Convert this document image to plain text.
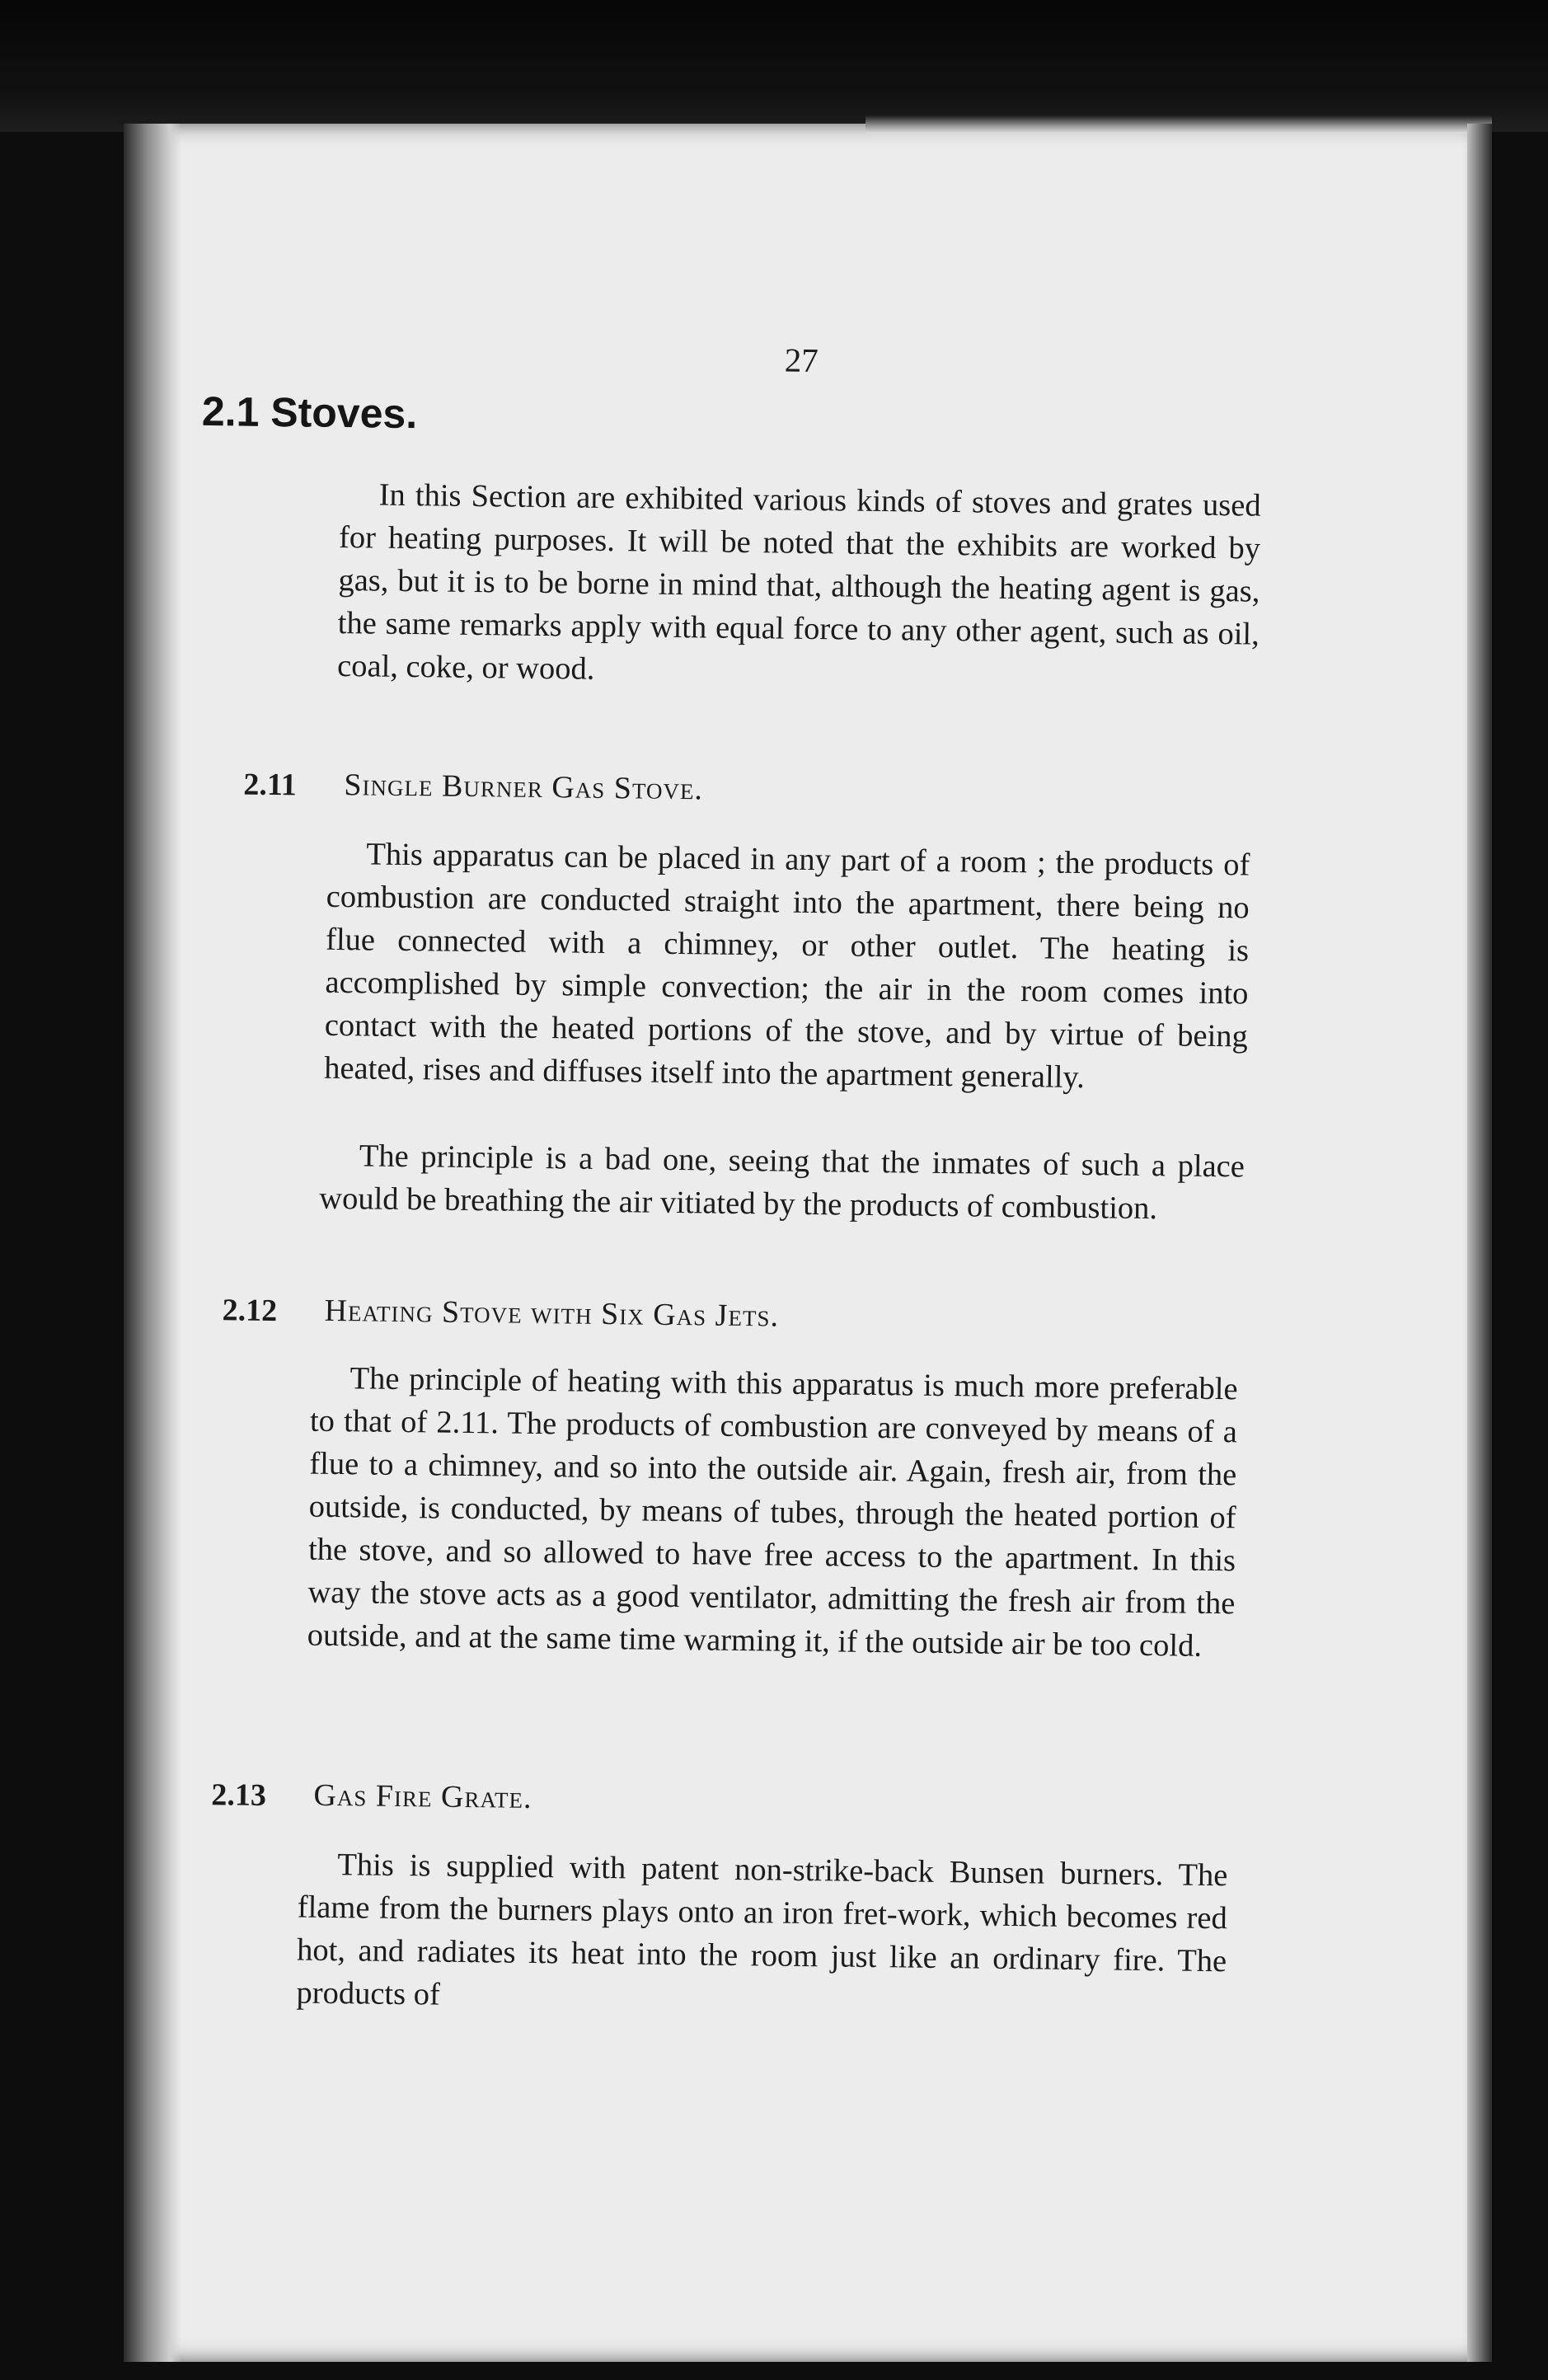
27
2.1 Stoves.

In this Section are exhibited various kinds of stoves and grates used for heating purposes. It will be noted that the exhibits are worked by gas, but it is to be borne in mind that, although the heating agent is gas, the same remarks apply with equal force to any other agent, such as oil, coal, coke, or wood.

2.11 Single Burner Gas Stove.

This apparatus can be placed in any part of a room ; the products of combustion are conducted straight into the apartment, there being no flue connected with a chimney, or other outlet. The heating is accomplished by simple convection; the air in the room comes into contact with the heated portions of the stove, and by virtue of being heated, rises and diffuses itself into the apartment generally.

The principle is a bad one, seeing that the inmates of such a place would be breathing the air vitiated by the products of combustion.

2.12 Heating Stove with Six Gas Jets.

The principle of heating with this apparatus is much more preferable to that of 2.11. The products of combustion are conveyed by means of a flue to a chimney, and so into the outside air. Again, fresh air, from the outside, is conducted, by means of tubes, through the heated portion of the stove, and so allowed to have free access to the apartment. In this way the stove acts as a good ventilator, admitting the fresh air from the outside, and at the same time warming it, if the outside air be too cold.

2.13 Gas Fire Grate.

This is supplied with patent non-strike-back Bunsen burners. The flame from the burners plays onto an iron fret-work, which becomes red hot, and radiates its heat into the room just like an ordinary fire. The products of
